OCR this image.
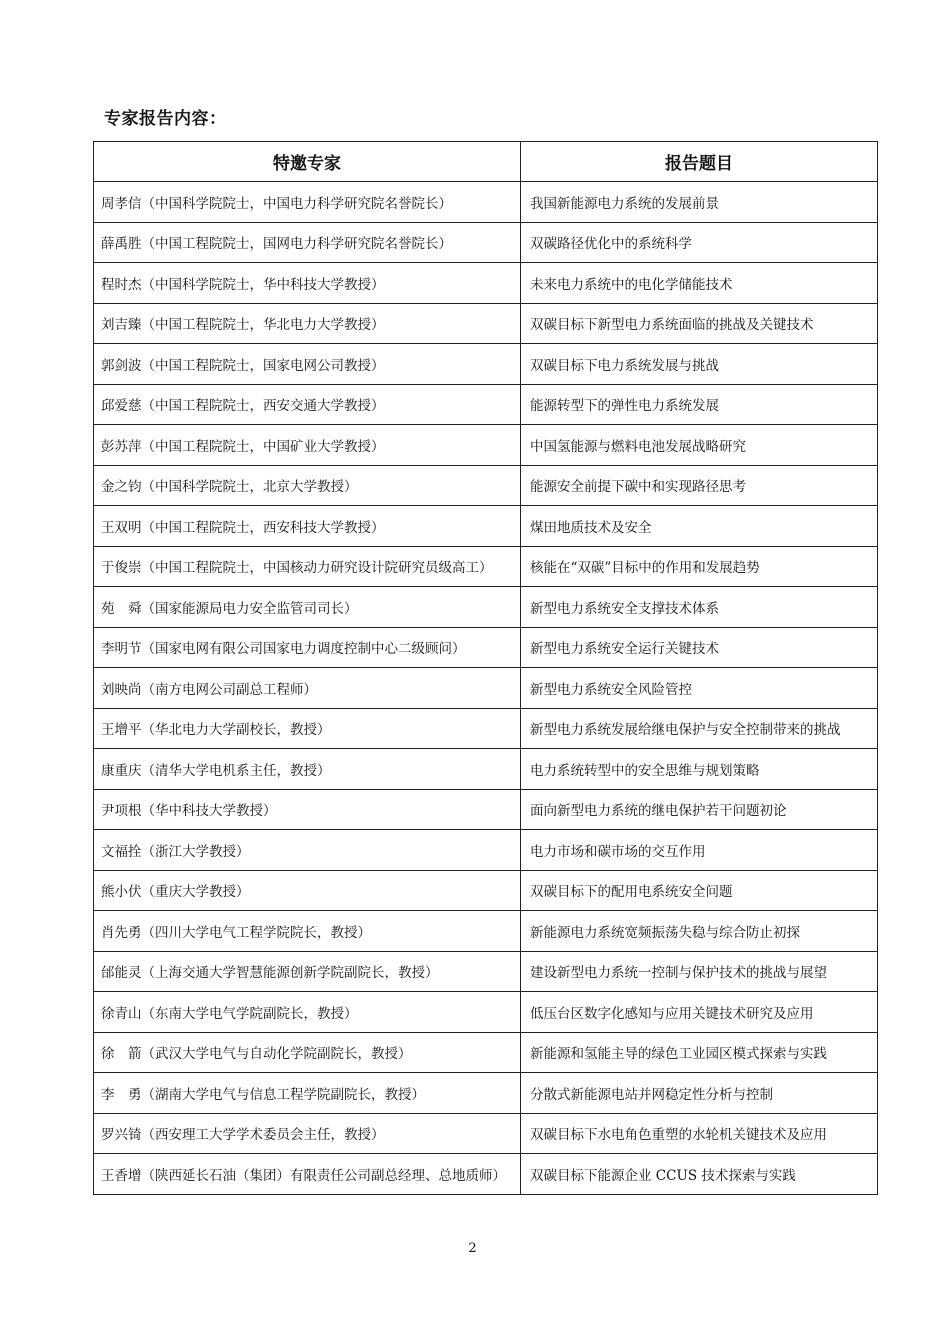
专家报告内容：
特邀专家	报告题目
周孝信（中国科学院院士，中国电力科学研究院名誉院长）	我国新能源电力系统的发展前景
薛禹胜（中国工程院院士，国网电力科学研究院名誉院长）	双碳路径优化中的系统科学
程时杰（中国科学院院士，华中科技大学教授）	未来电力系统中的电化学储能技术
刘吉臻（中国工程院院士，华北电力大学教授）	双碳目标下新型电力系统面临的挑战及关键技术
郭剑波（中国工程院院士，国家电网公司教授）	双碳目标下电力系统发展与挑战
邱爱慈（中国工程院院士，西安交通大学教授）	能源转型下的弹性电力系统发展
彭苏萍（中国工程院院士，中国矿业大学教授）	中国氢能源与燃料电池发展战略研究
金之钧（中国科学院院士，北京大学教授）	能源安全前提下碳中和实现路径思考
王双明（中国工程院院士，西安科技大学教授）	煤田地质技术及安全
于俊崇（中国工程院院士，中国核动力研究设计院研究员级高工）	核能在“双碳”目标中的作用和发展趋势
苑　舜（国家能源局电力安全监管司司长）	新型电力系统安全支撑技术体系
李明节（国家电网有限公司国家电力调度控制中心二级顾问）	新型电力系统安全运行关键技术
刘映尚（南方电网公司副总工程师）	新型电力系统安全风险管控
王增平（华北电力大学副校长，教授）	新型电力系统发展给继电保护与安全控制带来的挑战
康重庆（清华大学电机系主任，教授）	电力系统转型中的安全思维与规划策略
尹项根（华中科技大学教授）	面向新型电力系统的继电保护若干问题初论
文福拴（浙江大学教授）	电力市场和碳市场的交互作用
熊小伏（重庆大学教授）	双碳目标下的配用电系统安全问题
肖先勇（四川大学电气工程学院院长，教授）	新能源电力系统宽频振荡失稳与综合防止初探
邰能灵（上海交通大学智慧能源创新学院副院长，教授）	建设新型电力系统一控制与保护技术的挑战与展望
徐青山（东南大学电气学院副院长，教授）	低压台区数字化感知与应用关键技术研究及应用
徐　箭（武汉大学电气与自动化学院副院长，教授）	新能源和氢能主导的绿色工业园区模式探索与实践
李　勇（湖南大学电气与信息工程学院副院长，教授）	分散式新能源电站并网稳定性分析与控制
罗兴锜（西安理工大学学术委员会主任，教授）	双碳目标下水电角色重塑的水轮机关键技术及应用
王香增（陕西延长石油（集团）有限责任公司副总经理、总地质师）	双碳目标下能源企业 CCUS 技术探索与实践
2
